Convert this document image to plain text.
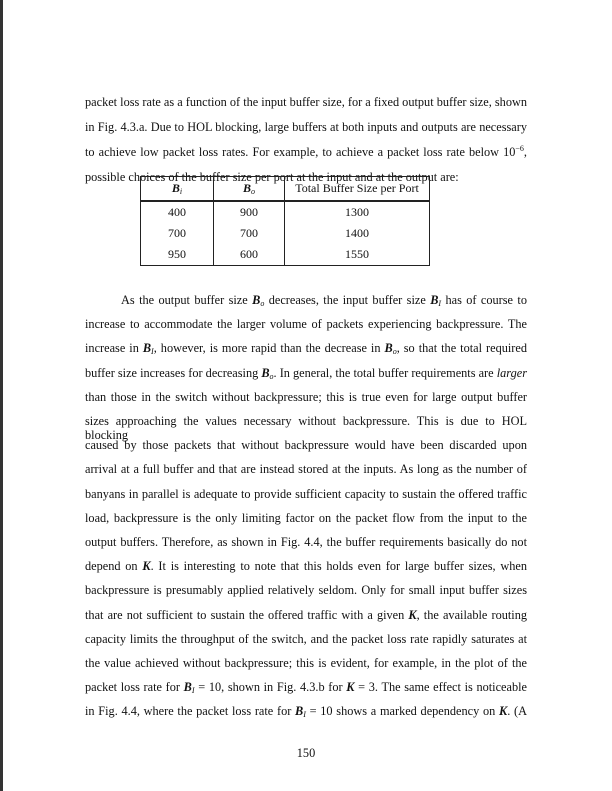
packet loss rate as a function of the input buffer size, for a fixed output buffer size, shown
in Fig. 4.3.a. Due to HOL blocking, large buffers at both inputs and outputs are necessary
to achieve low packet loss rates. For example, to achieve a packet loss rate below $10^{-6}$,
possible choices of the buffer size per port at the input and at the output are:
$B_i$	$B_o$	Total Buffer Size per Port
400	900	1300
700	700	1400
950	600	1550
As the output buffer size $B_o$ decreases, the input buffer size $B_I$ has of course to
increase to accommodate the larger volume of packets experiencing backpressure. The
increase in $B_I$, however, is more rapid than the decrease in $B_o$, so that the total required
buffer size increases for decreasing $B_o$. In general, the total buffer requirements are larger
than those in the switch without backpressure; this is true even for large output buffer
sizes approaching the values necessary without backpressure. This is due to HOL blocking
caused by those packets that without backpressure would have been discarded upon
arrival at a full buffer and that are instead stored at the inputs. As long as the number of
banyans in parallel is adequate to provide sufficient capacity to sustain the offered traffic
load, backpressure is the only limiting factor on the packet flow from the input to the
output buffers. Therefore, as shown in Fig. 4.4, the buffer requirements basically do not
depend on K. It is interesting to note that this holds even for large buffer sizes, when
backpressure is presumably applied relatively seldom. Only for small input buffer sizes
that are not sufficient to sustain the offered traffic with a given K, the available routing
capacity limits the throughput of the switch, and the packet loss rate rapidly saturates at
the value achieved without backpressure; this is evident, for example, in the plot of the
packet loss rate for $B_I = 10$, shown in Fig. 4.3.b for K = 3. The same effect is noticeable
in Fig. 4.4, where the packet loss rate for $B_I = 10$ shows a marked dependency on K. (A
150
